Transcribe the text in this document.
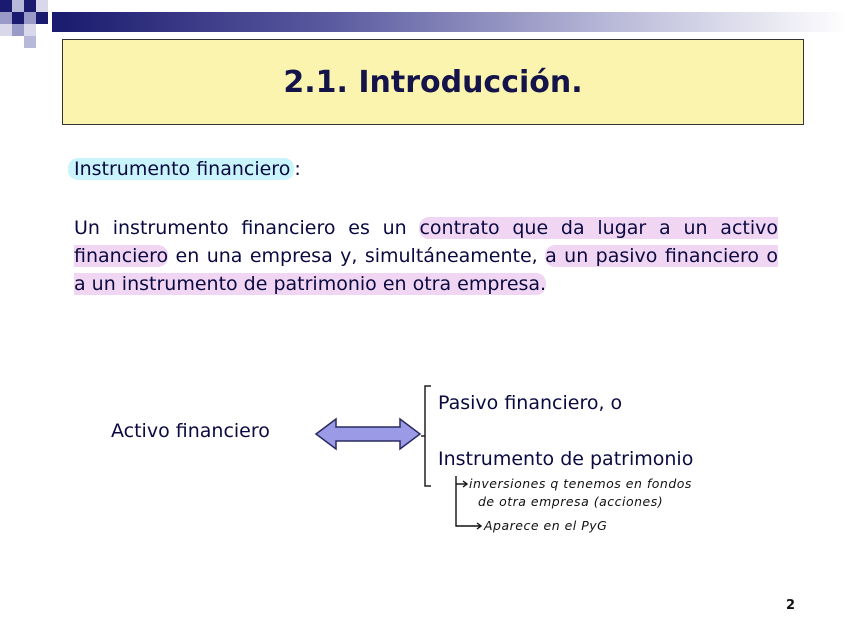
2.1. Introducción.
Instrumento financiero :
Un instrumento financiero es un contrato que da lugar a un activo financiero en una empresa y, simultáneamente, a un pasivo financiero o a un instrumento de patrimonio en otra empresa.
Activo financiero
Pasivo financiero, o
Instrumento de patrimonio
inversiones q tenemos en fondos
de otra empresa (acciones)
Aparece en el PyG
2
